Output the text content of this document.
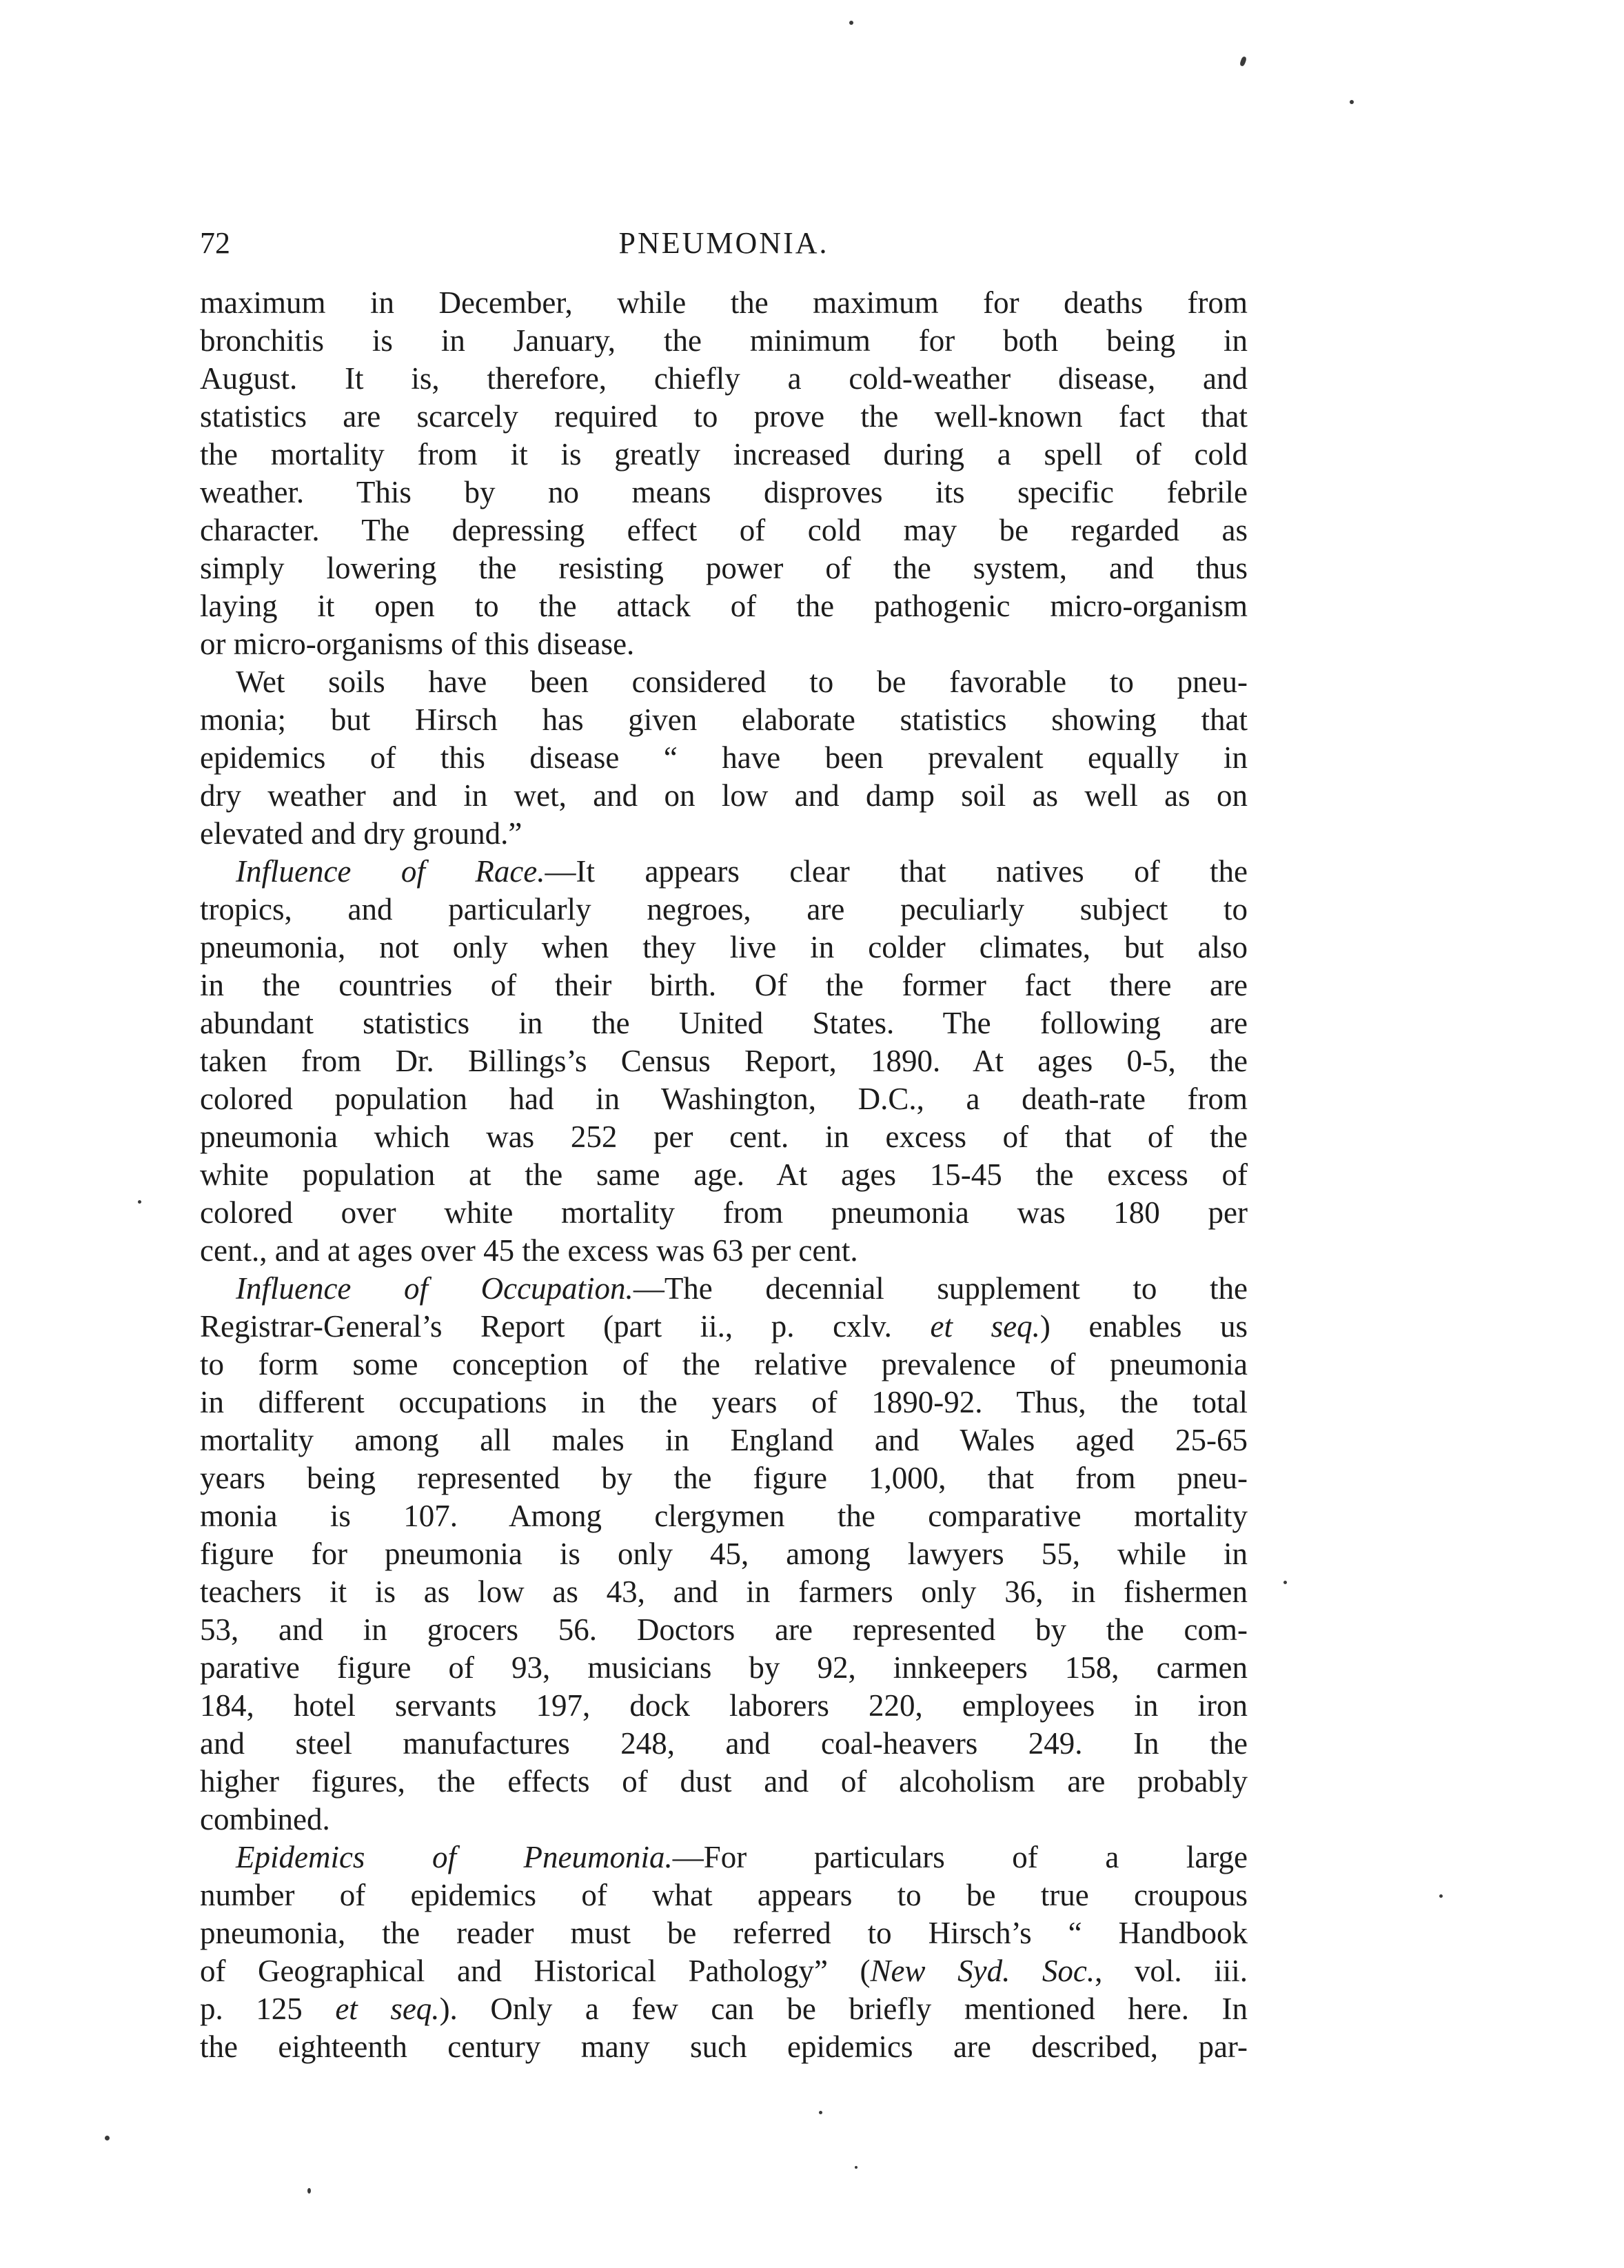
72	PNEUMONIA.
maximum in December, while the maximum for deaths from
bronchitis is in January, the minimum for both being in
August. It is, therefore, chiefly a cold-weather disease, and
statistics are scarcely required to prove the well-known fact that
the mortality from it is greatly increased during a spell of cold
weather. This by no means disproves its specific febrile
character. The depressing effect of cold may be regarded as
simply lowering the resisting power of the system, and thus
laying it open to the attack of the pathogenic micro-organism
or micro-organisms of this disease.
Wet soils have been considered to be favorable to pneu-
monia; but Hirsch has given elaborate statistics showing that
epidemics of this disease “ have been prevalent equally in
dry weather and in wet, and on low and damp soil as well as on
elevated and dry ground.”
Influence of Race.—It appears clear that natives of the
tropics, and particularly negroes, are peculiarly subject to
pneumonia, not only when they live in colder climates, but also
in the countries of their birth. Of the former fact there are
abundant statistics in the United States. The following are
taken from Dr. Billings’s Census Report, 1890. At ages 0-5, the
colored population had in Washington, D.C., a death-rate from
pneumonia which was 252 per cent. in excess of that of the
white population at the same age. At ages 15-45 the excess of
colored over white mortality from pneumonia was 180 per
cent., and at ages over 45 the excess was 63 per cent.
Influence of Occupation.—The decennial supplement to the
Registrar-General’s Report (part ii., p. cxlv. et seq.) enables us
to form some conception of the relative prevalence of pneumonia
in different occupations in the years of 1890-92. Thus, the total
mortality among all males in England and Wales aged 25-65
years being represented by the figure 1,000, that from pneu-
monia is 107. Among clergymen the comparative mortality
figure for pneumonia is only 45, among lawyers 55, while in
teachers it is as low as 43, and in farmers only 36, in fishermen
53, and in grocers 56. Doctors are represented by the com-
parative figure of 93, musicians by 92, innkeepers 158, carmen
184, hotel servants 197, dock laborers 220, employees in iron
and steel manufactures 248, and coal-heavers 249. In the
higher figures, the effects of dust and of alcoholism are probably
combined.
Epidemics of Pneumonia.—For particulars of a large
number of epidemics of what appears to be true croupous
pneumonia, the reader must be referred to Hirsch’s “ Handbook
of Geographical and Historical Pathology” (New Syd. Soc., vol. iii.
p. 125 et seq.). Only a few can be briefly mentioned here. In
the eighteenth century many such epidemics are described, par-
